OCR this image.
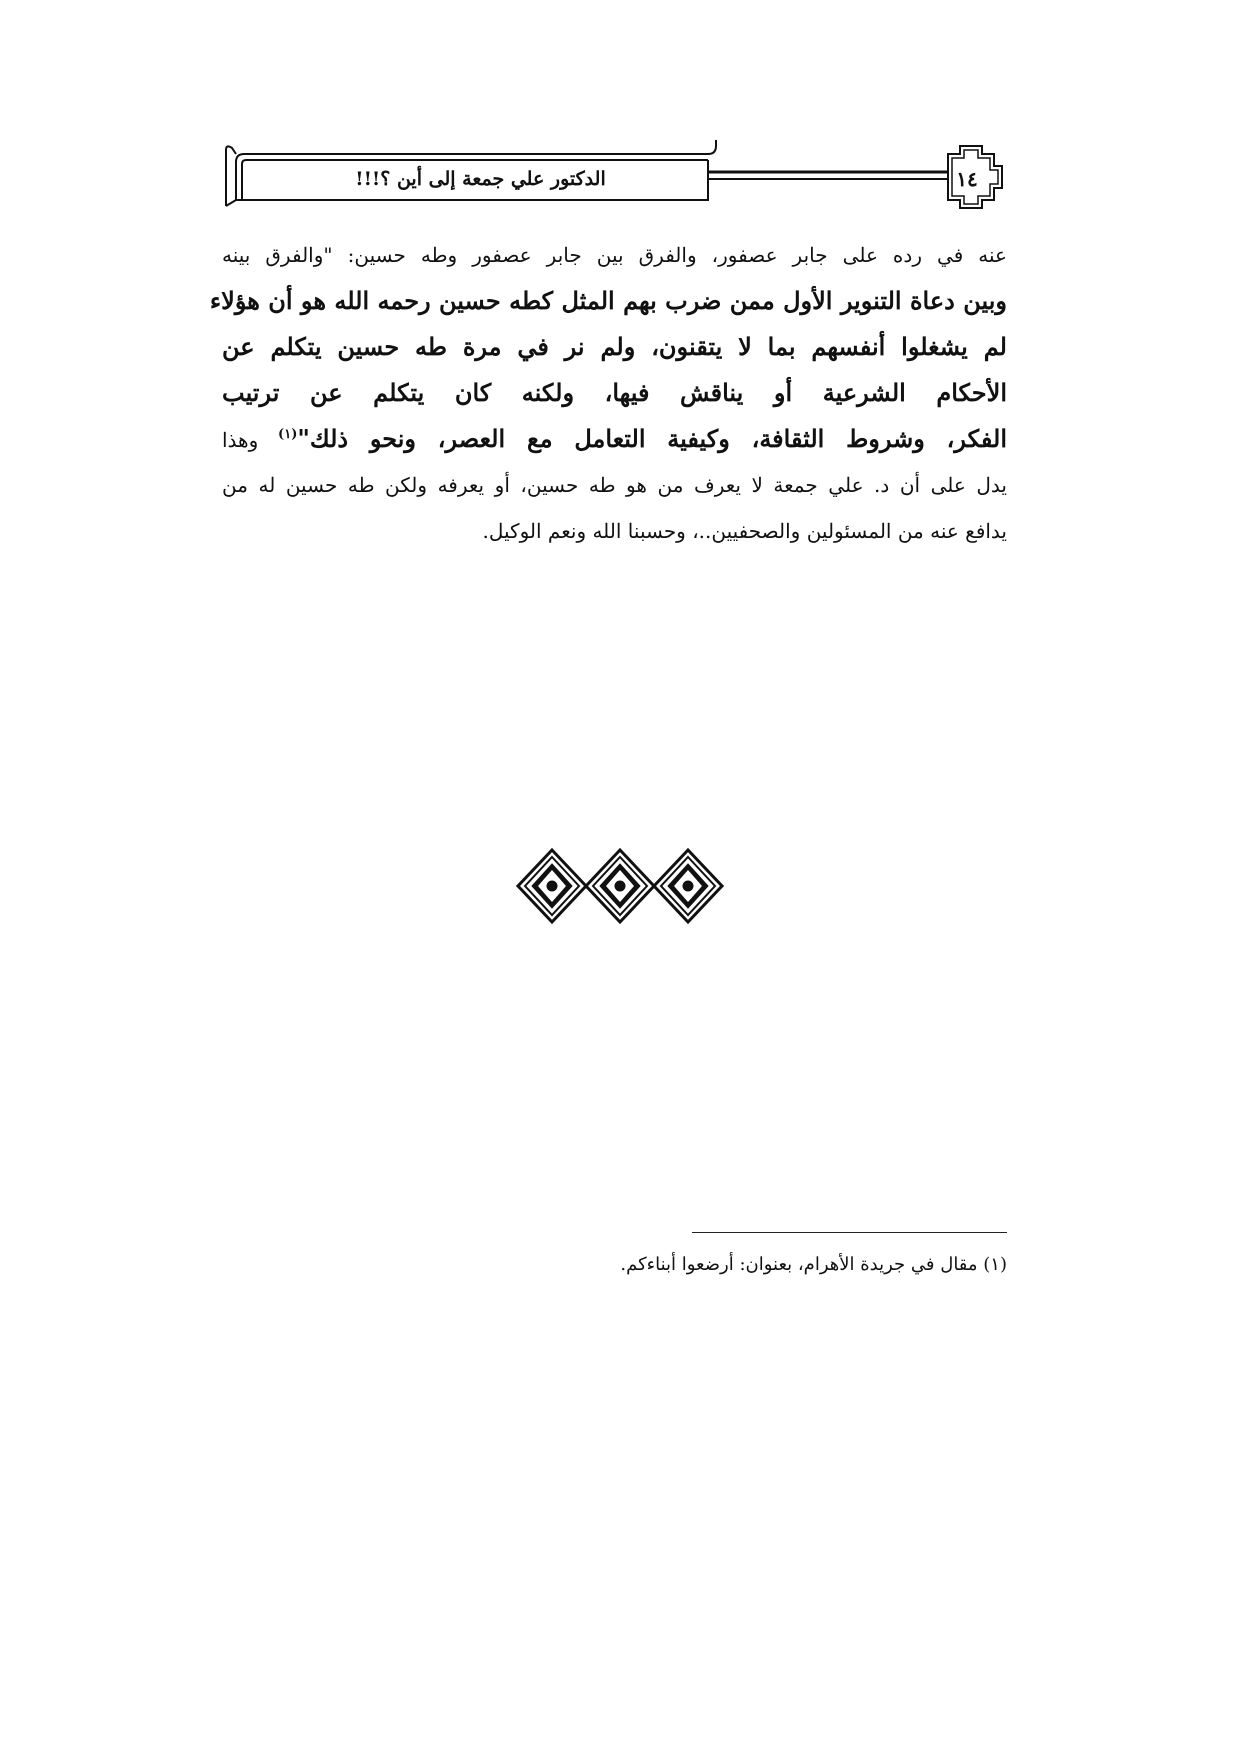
الدكتور علي جمعة إلى أين ؟!!!	١٤
عنه في رده على جابر عصفور، والفرق بين جابر عصفور وطه حسين: "والفرق بينه
وبين دعاة التنوير الأول ممن ضرب بهم المثل كطه حسين رحمه الله هو أن هؤلاء
لم يشغلوا أنفسهم بما لا يتقنون، ولم نر في مرة طه حسين يتكلم عن
الأحكام الشرعية أو يناقش فيها، ولكنه كان يتكلم عن ترتيب
الفكر، وشروط الثقافة، وكيفية التعامل مع العصر، ونحو ذلك"$^{(١)}$ وهذا
يدل على أن د. علي جمعة لا يعرف من هو طه حسين، أو يعرفه ولكن طه حسين له من
يدافع عنه من المسئولين والصحفيين..، وحسبنا الله ونعم الوكيل.
(١) مقال في جريدة الأهرام، بعنوان: أرضعوا أبناءكم.
